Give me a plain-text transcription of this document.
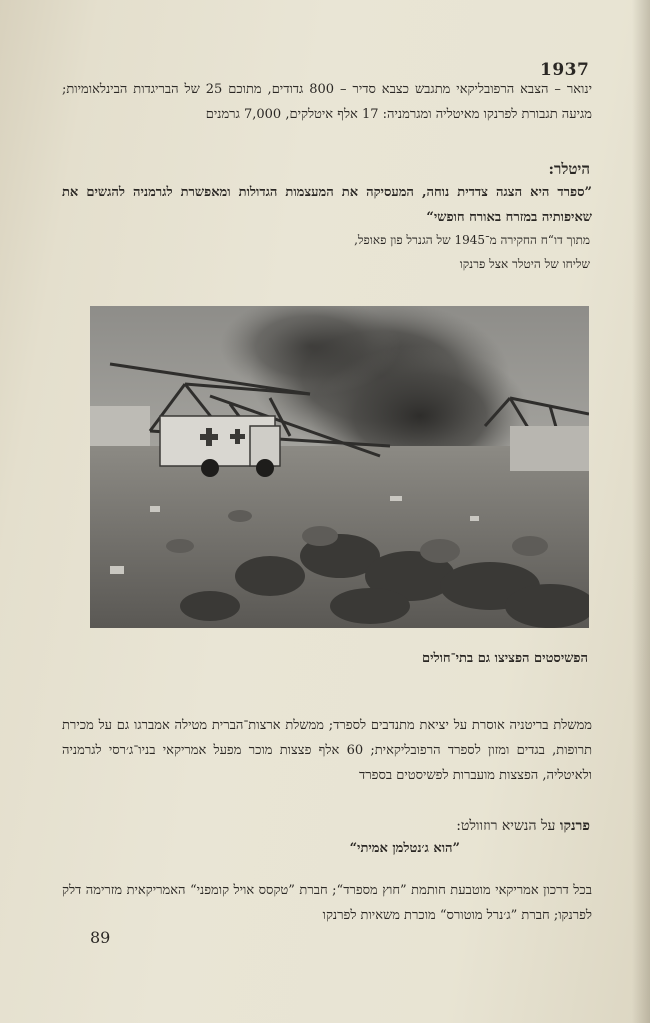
1937
ינואר – הצבא הרפובליקאי מתגבש כצבא סדיר – 800 גדודים, מתוכם 25 של הבריגדות הבינלאומיות; מגיעה תגבורת לפרנקו מאיטליה ומגרמניה: 17 אלף איטלקים, 7,000 גרמנים
היטלר:
”ספרד היא הצגה צדדית נוחה, המעסיקה את המעצמות הגדולות ומאפשרת לגרמניה להגשים את שאיפותיה במזרח באורח חופשי“
מתוך דו“ח החקירה מ־1945 של הגנרל פון פאופל,
שליחו של היטלר אצל פרנקו
הפשיסטים הפציצו גם בתי־חולים
ממשלת בריטניה אוסרת על יציאת מתנדבים לספרד; ממשלת ארצות־הברית מטילה אמברגו גם על מכירת תרופות, בגדים ומזון לספרד הרפובליקאית; 60 אלף פצצות מוכר מפעל אמריקאי בניו־ג׳רסי לגרמניה ולאיטליה, הפצצות מועברות לפשיסטים בספרד
פרנקו על הנשיא רוזוולט:
”הוא ג׳נטלמן אמיתי“
בכל דרכון אמריקאי מוטבעת חותמת ”חוץ מספרד“; חברת ”טקסס אויל קומפני“ האמריקאית מזרימה דלק לפרנקו; חברת ”ג׳נרל מוטורס“ מוכרת משאיות לפרנקו
89
